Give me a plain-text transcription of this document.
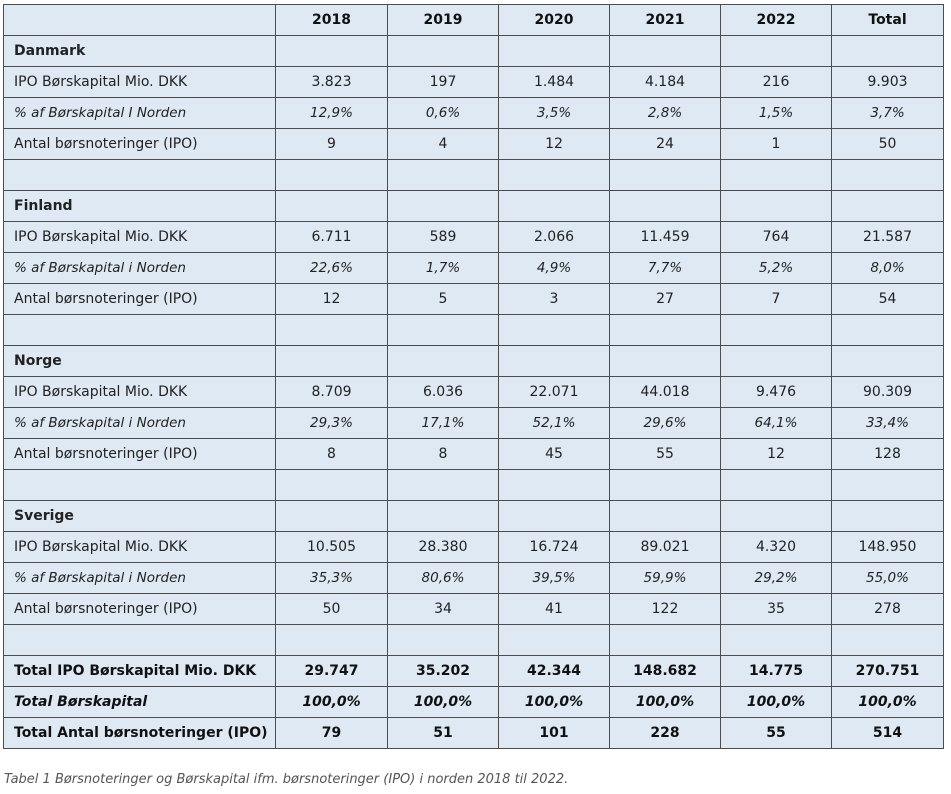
	2018	2019	2020	2021	2022	Total
Danmark						
IPO Børskapital Mio. DKK	3.823	197	1.484	4.184	216	9.903
% af Børskapital I Norden	12,9%	0,6%	3,5%	2,8%	1,5%	3,7%
Antal børsnoteringer (IPO)	9	4	12	24	1	50

Finland						
IPO Børskapital Mio. DKK	6.711	589	2.066	11.459	764	21.587
% af Børskapital i Norden	22,6%	1,7%	4,9%	7,7%	5,2%	8,0%
Antal børsnoteringer (IPO)	12	5	3	27	7	54

Norge						
IPO Børskapital Mio. DKK	8.709	6.036	22.071	44.018	9.476	90.309
% af Børskapital i Norden	29,3%	17,1%	52,1%	29,6%	64,1%	33,4%
Antal børsnoteringer (IPO)	8	8	45	55	12	128

Sverige						
IPO Børskapital Mio. DKK	10.505	28.380	16.724	89.021	4.320	148.950
% af Børskapital i Norden	35,3%	80,6%	39,5%	59,9%	29,2%	55,0%
Antal børsnoteringer (IPO)	50	34	41	122	35	278

Total IPO Børskapital Mio. DKK	29.747	35.202	42.344	148.682	14.775	270.751
Total Børskapital	100,0%	100,0%	100,0%	100,0%	100,0%	100,0%
Total Antal børsnoteringer (IPO)	79	51	101	228	55	514
Tabel 1 Børsnoteringer og Børskapital ifm. børsnoteringer (IPO) i norden 2018 til 2022.
